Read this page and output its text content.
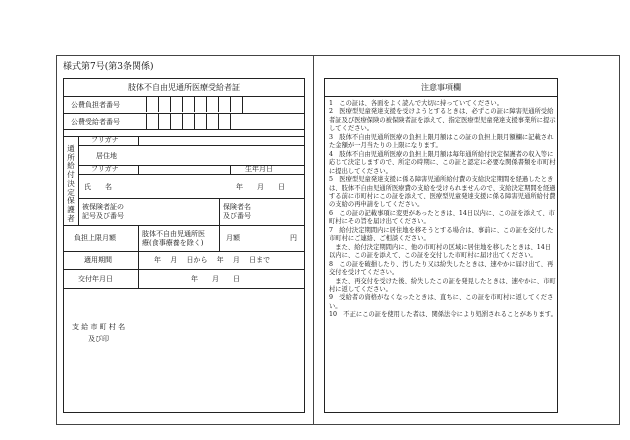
様式第7号(第3条関係)
肢体不自由児通所医療受給者証
公費負担者番号
公費受給者番号
通
所
給
付
決
定
保
護
者
フリガナ
居住地
フリガナ	生年月日
氏　　名	年　　月　　日
被保険者証の
記号及び番号
保険者名
及び番号
負担上限月額	肢体不自由児通所医
療(食事療養を除く)
月額	円
適用期間	年　 月　 日から　 年　 月　 日まで
交付年月日	年　　月　　日
支 給 市 町 村 名
及び印
注意事項欄

1　この証は、各面をよく読んで大切に持っていてください。

2　医療型児童発達支援を受けようとするときは、必ずこの証に障害児通所受給者証及び医療保険の被保険者証を添えて、指定医療型児童発達支援事業所に提示してください。

3　肢体不自由児通所医療の負担上限月額はこの証の負担上限月額欄に記載された金額が一月当たりの上限になります。

4　肢体不自由児通所医療の負担上限月額は毎年通所給付決定保護者の収入等に応じて決定しますので、所定の時期に、この証と認定に必要な関係書類を市町村に提出してください。

5　医療型児童発達支援に係る障害児通所給付費の支給決定期間を経過したときは、肢体不自由児通所医療費の支給を受けられませんので、支給決定期間を経過する前に市町村にこの証を添えて、医療型児童発達支援に係る障害児通所給付費の支給の再申請をしてください。

6　この証の記載事項に変更があったときは、14日以内に、この証を添えて、市町村にその旨を届け出てください。

7　給付決定期間内に居住地を移そうとする場合は、事前に、この証を交付した市町村にご連絡、ご相談ください。
　また、給付決定期間内に、他の市町村の区域に居住地を移したときは、14日以内に、この証を添えて、この証を交付した市町村に届け出てください。

8　この証を破損したり、汚したり又は紛失したときは、速やかに届け出て、再交付を受けてください。
　また、再交付を受けた後、紛失したこの証を発見したときは、速やかに、市町村に返してください。

9　受給者の資格がなくなったときは、直ちに、この証を市町村に返してください。

10　不正にこの証を使用した者は、関係法令により処罰されることがあります。
